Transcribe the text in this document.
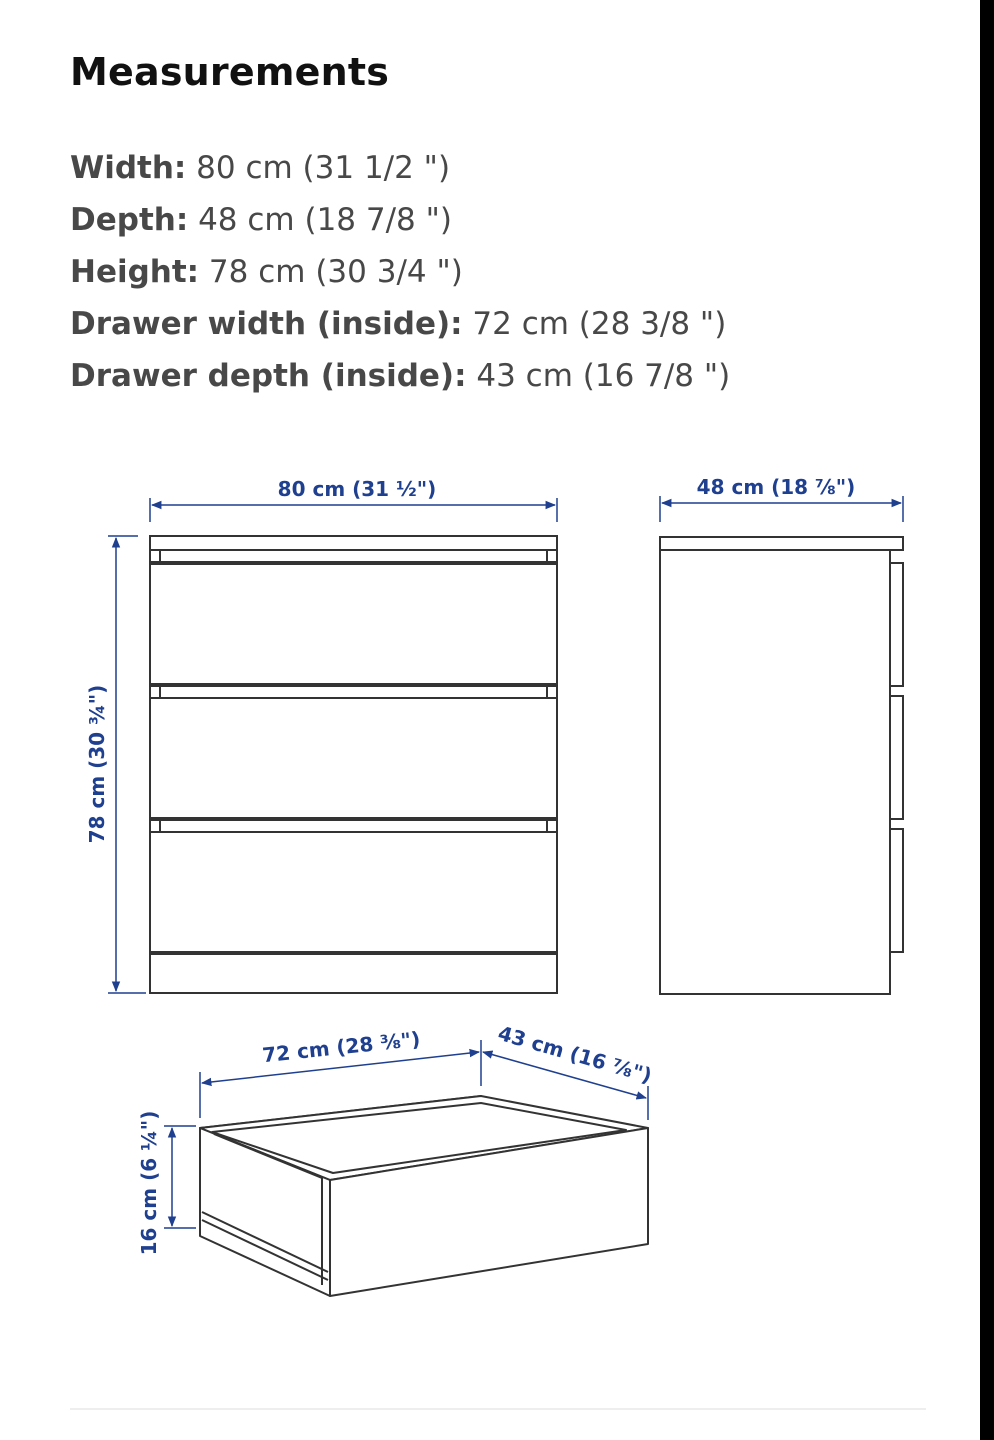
Measurements
Width: 80 cm (31 1/2 ")
Depth: 48 cm (18 7/8 ")
Height: 78 cm (30 3/4 ")
Drawer width (inside): 72 cm (28 3/8 ")
Drawer depth (inside): 43 cm (16 7/8 ")
80 cm (31 ½")
78 cm (30 ¾")
48 cm (18 ⅞")
72 cm (28 ⅜")	43 cm (16 ⅞")
16 cm (6 ¼")
